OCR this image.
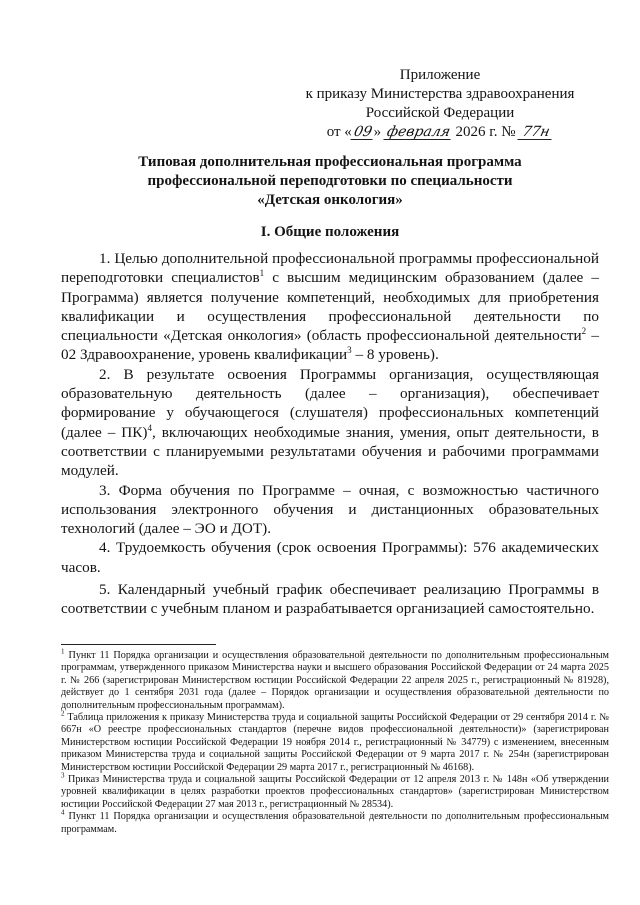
Приложение
к приказу Министерства здравоохранения
Российской Федерации
от «09» февраля 2026 г. № 77н
Типовая дополнительная профессиональная программа
профессиональной переподготовки по специальности
«Детская онкология»
I. Общие положения

1. Целью дополнительной профессиональной программы профессиональной переподготовки специалистов$^1$ с высшим медицинским образованием (далее – Программа) является получение компетенций, необходимых для приобретения квалификации и осуществления профессиональной деятельности по специальности «Детская онкология» (область профессиональной деятельности$^2$ – 02 Здравоохранение, уровень квалификации$^3$ – 8 уровень).

2. В результате освоения Программы организация, осуществляющая образовательную деятельность (далее – организация), обеспечивает формирование у обучающегося (слушателя) профессиональных компетенций (далее – ПК)$^4$, включающих необходимые знания, умения, опыт деятельности, в соответствии с планируемыми результатами обучения и рабочими программами модулей.

3. Форма обучения по Программе – очная, с возможностью частичного использования электронного обучения и дистанционных образовательных технологий (далее – ЭО и ДОТ).

4. Трудоемкость обучения (срок освоения Программы): 576 академических часов.

5. Календарный учебный график обеспечивает реализацию Программы в соответствии с учебным планом и разрабатывается организацией самостоятельно.

$^1$ Пункт 11 Порядка организации и осуществления образовательной деятельности по дополнительным профессиональным программам, утвержденного приказом Министерства науки и высшего образования Российской Федерации от 24 марта 2025 г. № 266 (зарегистрирован Министерством юстиции Российской Федерации 22 апреля 2025 г., регистрационный № 81928), действует до 1 сентября 2031 года (далее – Порядок организации и осуществления образовательной деятельности по дополнительным профессиональным программам).

$^2$ Таблица приложения к приказу Министерства труда и социальной защиты Российской Федерации от 29 сентября 2014 г. № 667н «О реестре профессиональных стандартов (перечне видов профессиональной деятельности)» (зарегистрирован Министерством юстиции Российской Федерации 19 ноября 2014 г., регистрационный № 34779) с изменением, внесенным приказом Министерства труда и социальной защиты Российской Федерации от 9 марта 2017 г. № 254н (зарегистрирован Министерством юстиции Российской Федерации 29 марта 2017 г., регистрационный № 46168).

$^3$ Приказ Министерства труда и социальной защиты Российской Федерации от 12 апреля 2013 г. № 148н «Об утверждении уровней квалификации в целях разработки проектов профессиональных стандартов» (зарегистрирован Министерством юстиции Российской Федерации 27 мая 2013 г., регистрационный № 28534).

$^4$ Пункт 11 Порядка организации и осуществления образовательной деятельности по дополнительным профессиональным программам.
